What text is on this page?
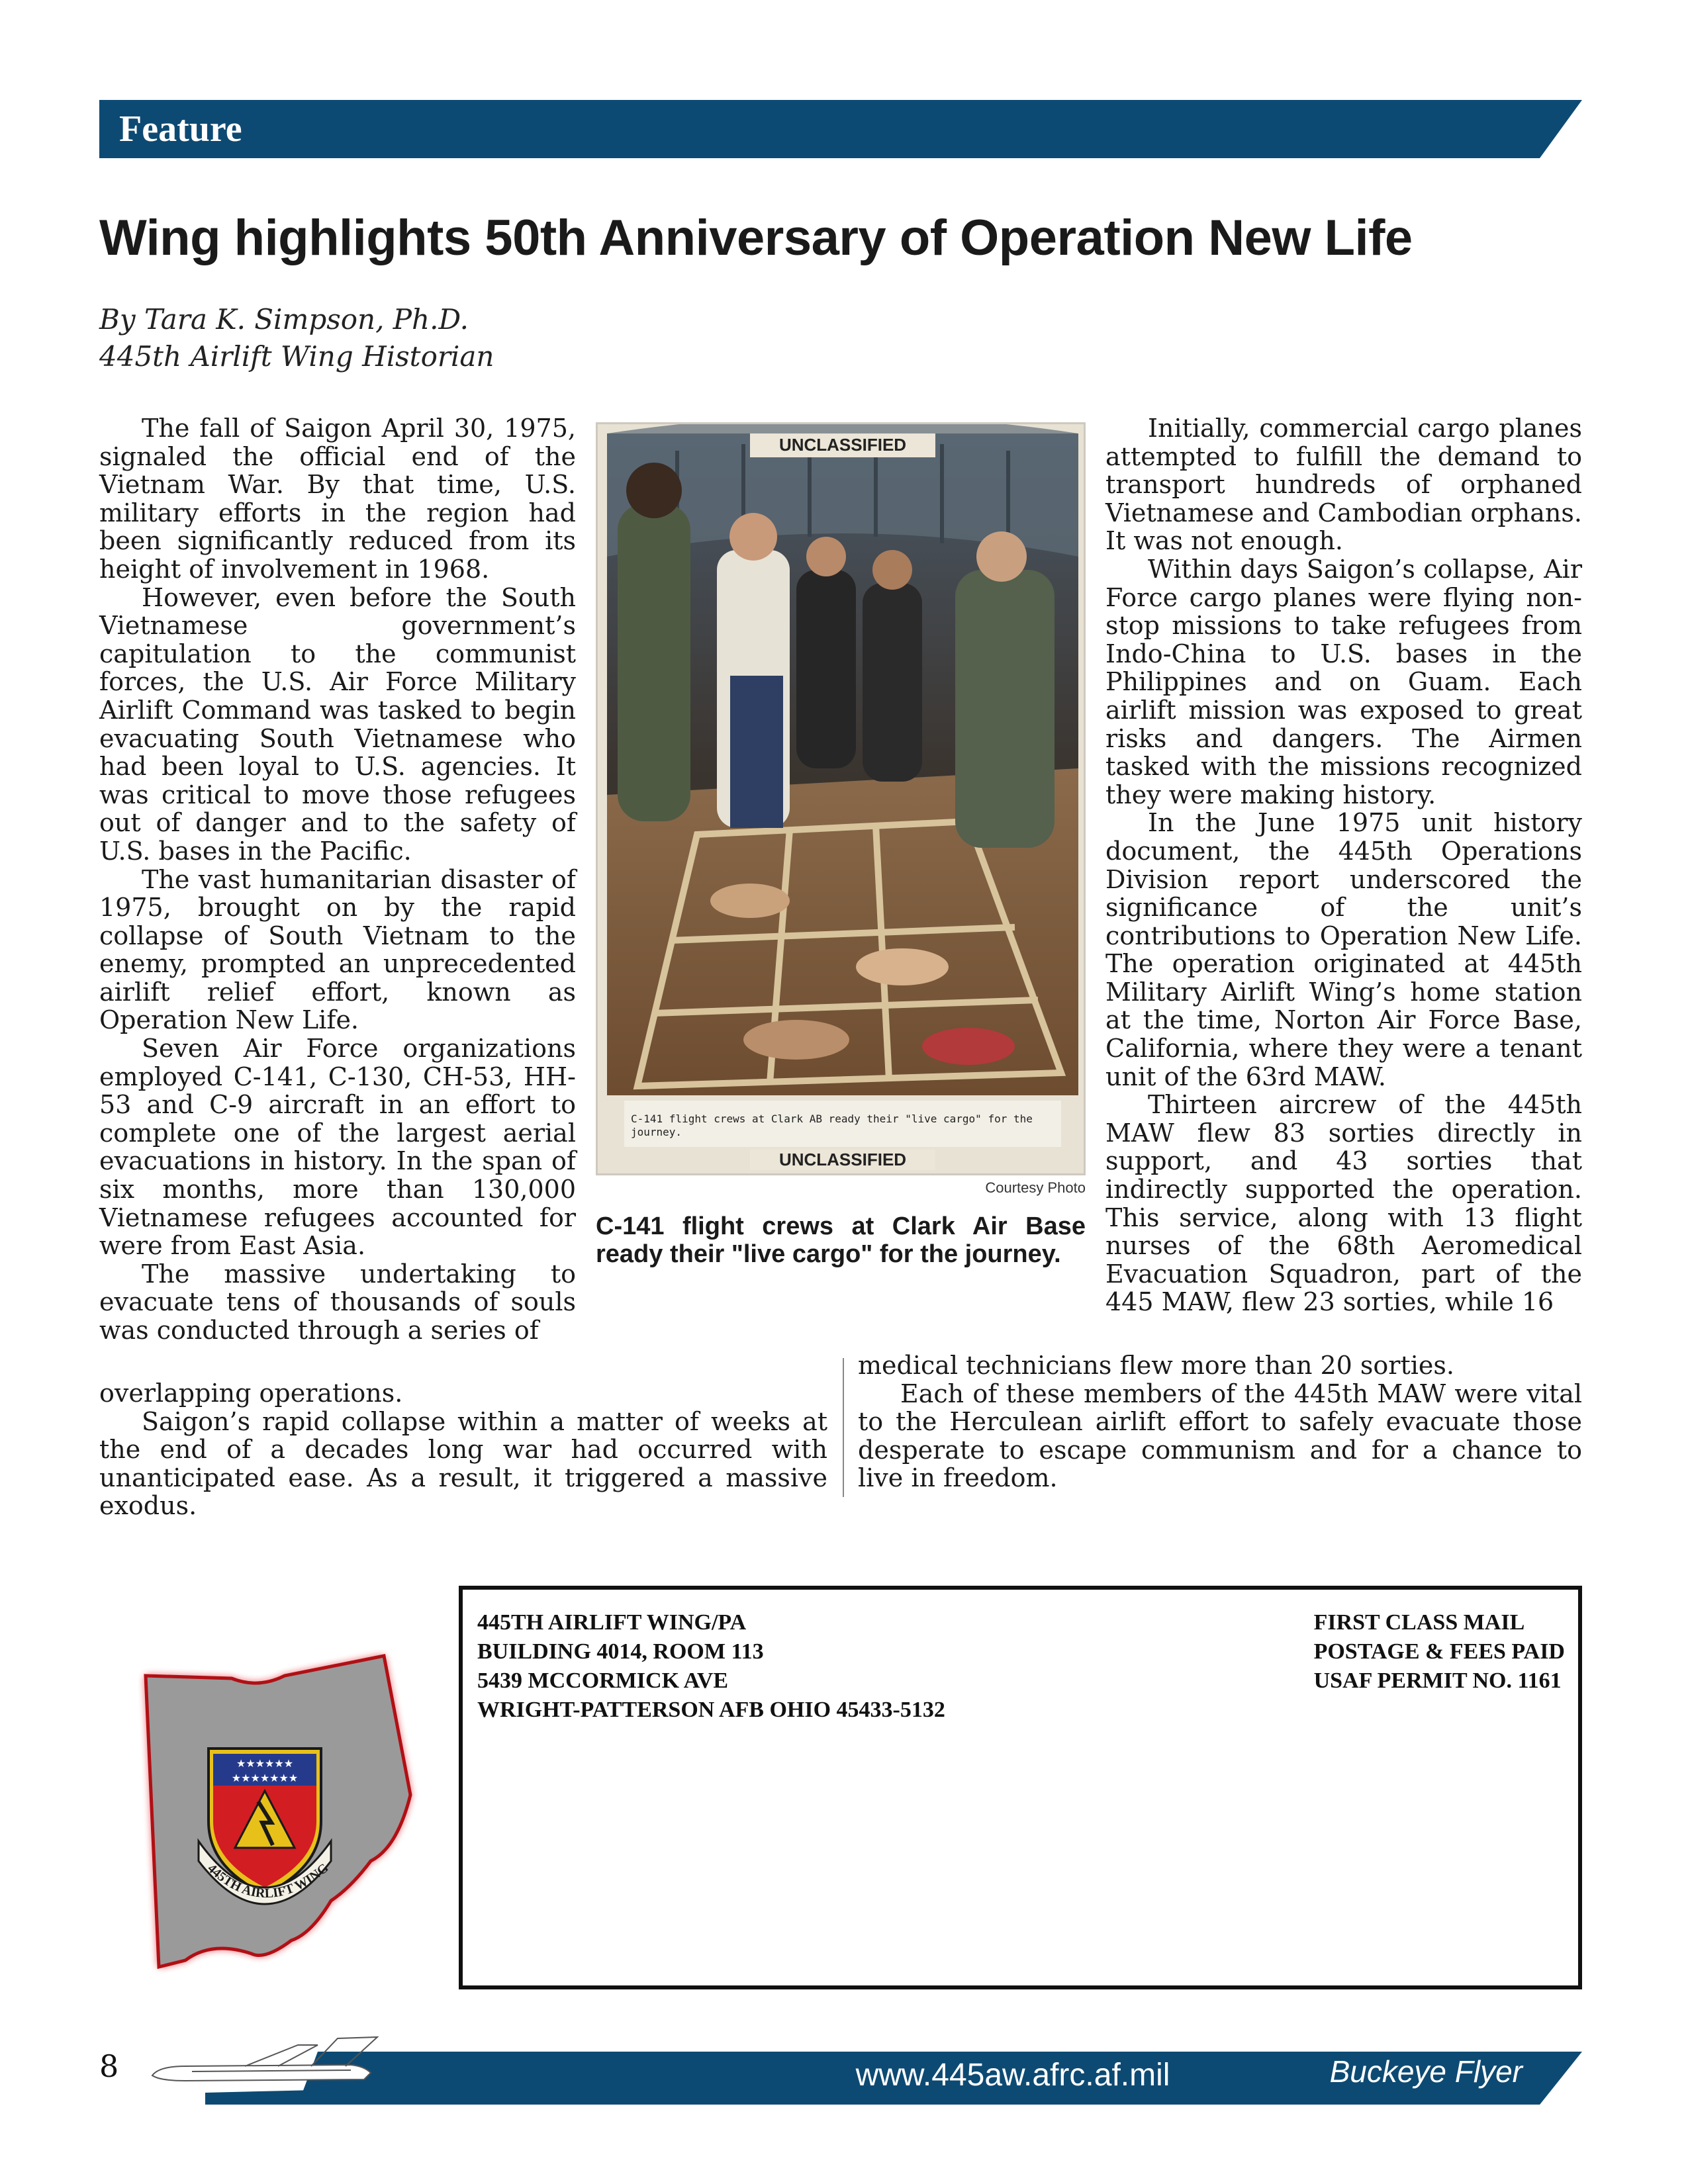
Feature
Wing highlights 50th Anniversary of Operation New Life
By Tara K. Simpson, Ph.D.
445th Airlift Wing Historian

The fall of Saigon April 30, 1975, signaled the official end of the Vietnam War. By that time, U.S. military efforts in the region had been significantly reduced from its height of involvement in 1968.

However, even before the South Vietnamese government’s capitulation to the communist forces, the U.S. Air Force Military Airlift Command was tasked to begin evacuating South Vietnamese who had been loyal to U.S. agencies. It was critical to move those refugees out of danger and to the safety of U.S. bases in the Pacific.

The vast humanitarian disaster of 1975, brought on by the rapid collapse of South Vietnam to the enemy, prompted an unprecedented airlift relief effort, known as Operation New Life.

Seven Air Force organizations employed C-141, C-130, CH-53, HH-53 and C-9 aircraft in an effort to complete one of the largest aerial evacuations in history. In the span of six months, more than 130,000 Vietnamese refugees accounted for were from East Asia.

The massive undertaking to evacuate tens of thousands of souls was conducted through a series of

UNCLASSIFIED
C-141 flight crews at Clark AB ready their "live cargo" for the journey.
UNCLASSIFIED
Courtesy Photo
C-141 flight crews at Clark Air Base ready their "live cargo" for the journey.

Initially, commercial cargo planes attempted to fulfill the demand to transport hundreds of orphaned Vietnamese and Cambodian orphans. It was not enough.

Within days Saigon’s collapse, Air Force cargo planes were flying non-stop missions to take refugees from Indo-China to U.S. bases in the Philippines and on Guam. Each airlift mission was exposed to great risks and dangers. The Airmen tasked with the missions recognized they were making history.

In the June 1975 unit history document, the 445th Operations Division report underscored the significance of the unit’s contributions to Operation New Life. The operation originated at 445th Military Airlift Wing’s home station at the time, Norton Air Force Base, California, where they were a tenant unit of the 63rd MAW.

Thirteen aircrew of the 445th MAW flew 83 sorties directly in support, and 43 sorties that indirectly supported the operation. This service, along with 13 flight nurses of the 68th Aeromedical Evacuation Squadron, part of the 445 MAW, flew 23 sorties, while 16

overlapping operations.

Saigon’s rapid collapse within a matter of weeks at the end of a decades long war had occurred with unanticipated ease. As a result, it triggered a massive exodus.

medical technicians flew more than 20 sorties.

Each of these members of the 445th MAW were vital to the Herculean airlift effort to safely evacuate those desperate to escape communism and for a chance to live in freedom.

★★★★★★
★★★★★★★
445TH AIRLIFT WING
445TH AIRLIFT WING/PA
BUILDING 4014, ROOM 113
5439 MCCORMICK AVE
WRIGHT-PATTERSON AFB OHIO 45433-5132
FIRST CLASS MAIL
POSTAGE & FEES PAID
USAF PERMIT NO. 1161
8	www.445aw.afrc.af.mil	Buckeye Flyer
